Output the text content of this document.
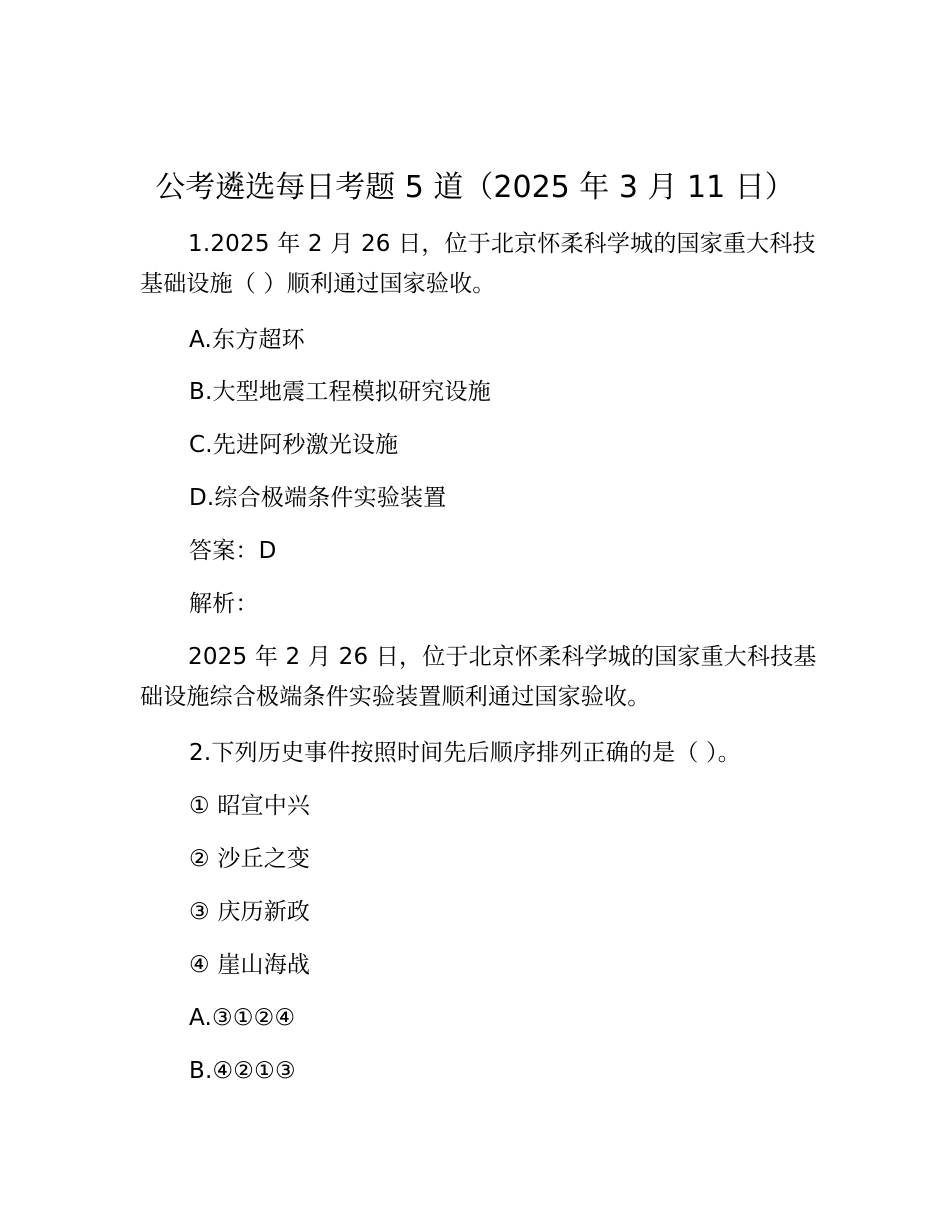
公考遴选每日考题 5 道（2025 年 3 月 11 日）
1.2025 年 2 月 26 日，位于北京怀柔科学城的国家重大科技基础设施（ ）顺利通过国家验收。
A.东方超环
B.大型地震工程模拟研究设施
C.先进阿秒激光设施
D.综合极端条件实验装置
答案：D
解析：
2025 年 2 月 26 日，位于北京怀柔科学城的国家重大科技基础设施综合极端条件实验装置顺利通过国家验收。
2.下列历史事件按照时间先后顺序排列正确的是（ ）。
① 昭宣中兴
② 沙丘之变
③ 庆历新政
④ 崖山海战
A.③①②④
B.④②①③
